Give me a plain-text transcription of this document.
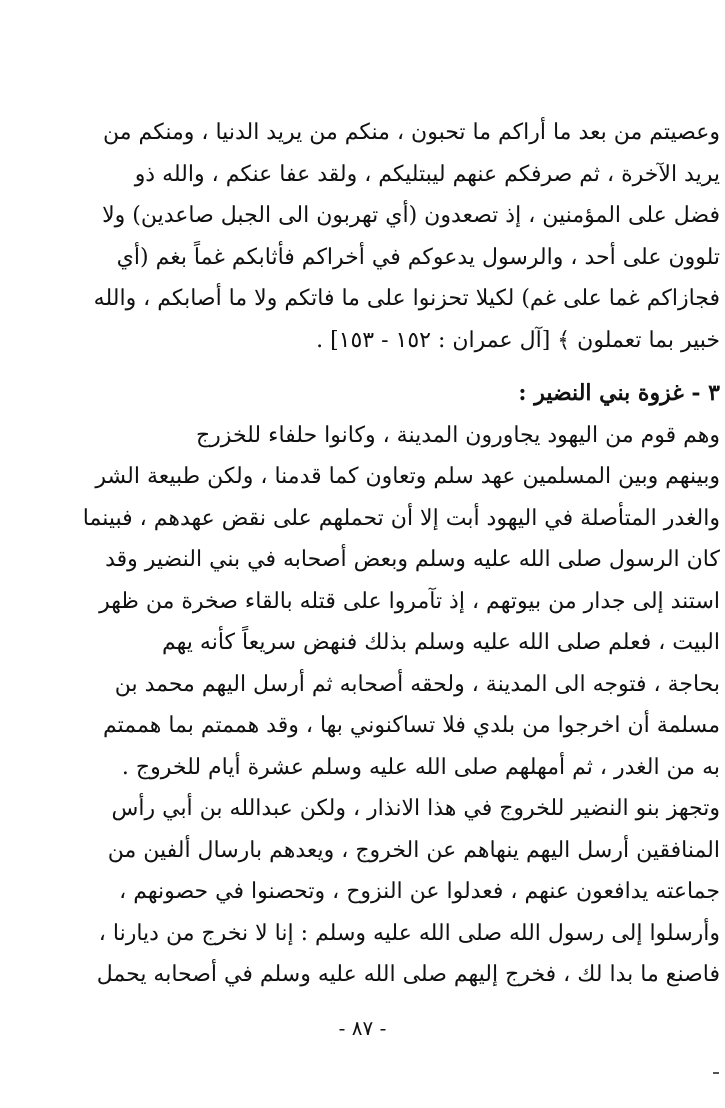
وعصيتم من بعد ما أراكم ما تحبون ، منكم من يريد الدنيا ، ومنكم من
يريد الآخرة ، ثم صرفكم عنهم ليبتليكم ، ولقد عفا عنكم ، والله ذو
فضل على المؤمنين ، إذ تصعدون (أي تهربون الى الجبل صاعدين) ولا
تلوون على أحد ، والرسول يدعوكم في أخراكم فأثابكم غماً بغم (أي
فجازاكم غما على غم) لكيلا تحزنوا على ما فاتكم ولا ما أصابكم ، والله
خبير بما تعملون ﴾ [آل عمران : ١٥٢ - ١٥٣] .
٣ - غزوة بني النضير :
وهم قوم من اليهود يجاورون المدينة ، وكانوا حلفاء للخزرج
وبينهم وبين المسلمين عهد سلم وتعاون كما قدمنا ، ولكن طبيعة الشر
والغدر المتأصلة في اليهود أبت إلا أن تحملهم على نقض عهدهم ، فبينما
كان الرسول صلى الله عليه وسلم وبعض أصحابه في بني النضير وقد
استند إلى جدار من بيوتهم ، إذ تآمروا على قتله بالقاء صخرة من ظهر
البيت ، فعلم صلى الله عليه وسلم بذلك فنهض سريعاً كأنه يهم
بحاجة ، فتوجه الى المدينة ، ولحقه أصحابه ثم أرسل اليهم محمد بن
مسلمة أن اخرجوا من بلدي فلا تساكنوني بها ، وقد هممتم بما هممتم
به من الغدر ، ثم أمهلهم صلى الله عليه وسلم عشرة أيام للخروج .
وتجهز بنو النضير للخروج في هذا الانذار ، ولكن عبدالله بن أبي رأس
المنافقين أرسل اليهم ينهاهم عن الخروج ، ويعدهم بارسال ألفين من
جماعته يدافعون عنهم ، فعدلوا عن النزوح ، وتحصنوا في حصونهم ،
وأرسلوا إلى رسول الله صلى الله عليه وسلم : إنا لا نخرج من ديارنا ،
فاصنع ما بدا لك ، فخرج إليهم صلى الله عليه وسلم في أصحابه يحمل
- ٨٧ -
